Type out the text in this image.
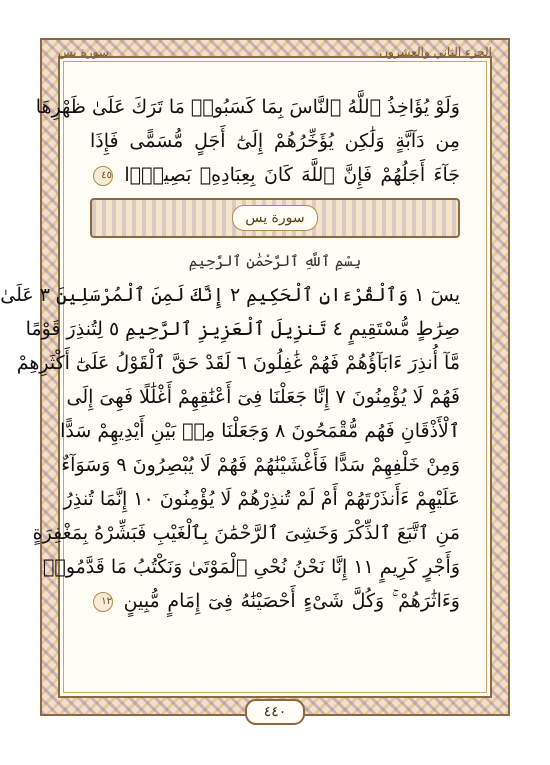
الجزء الثاني والعشرون
سورة يس
وَلَوْ يُؤَاخِذُ ٱللَّهُ ٱلنَّاسَ بِمَا كَسَبُوا۟ مَا تَرَكَ عَلَىٰ ظَهْرِهَا
مِن دَآبَّةٍ وَلَٰكِن يُؤَخِّرُهُمْ إِلَىٰٓ أَجَلٍ مُّسَمًّى فَإِذَا
جَآءَ أَجَلُهُمْ فَإِنَّ ٱللَّهَ كَانَ بِعِبَادِهِۦ بَصِيرًۢا ٤٥
سورة يس
بِسْمِ ٱللَّهِ ٱلرَّحْمَٰنِ ٱلرَّحِيمِ
يسٓ ١ وَٱلْقُرْءَانِ ٱلْحَكِيمِ ٢ إِنَّكَ لَمِنَ ٱلْمُرْسَلِينَ ٣ عَلَىٰ
صِرَٰطٍ مُّسْتَقِيمٍ ٤ تَنزِيلَ ٱلْعَزِيزِ ٱلرَّحِيمِ ٥ لِتُنذِرَ قَوْمًا
مَّآ أُنذِرَ ءَابَآؤُهُمْ فَهُمْ غَٰفِلُونَ ٦ لَقَدْ حَقَّ ٱلْقَوْلُ عَلَىٰٓ أَكْثَرِهِمْ
فَهُمْ لَا يُؤْمِنُونَ ٧ إِنَّا جَعَلْنَا فِىٓ أَعْنَٰقِهِمْ أَغْلَٰلًا فَهِىَ إِلَى
ٱلْأَذْقَانِ فَهُم مُّقْمَحُونَ ٨ وَجَعَلْنَا مِنۢ بَيْنِ أَيْدِيهِمْ سَدًّا
وَمِنْ خَلْفِهِمْ سَدًّا فَأَغْشَيْنَٰهُمْ فَهُمْ لَا يُبْصِرُونَ ٩ وَسَوَآءٌ
عَلَيْهِمْ ءَأَنذَرْتَهُمْ أَمْ لَمْ تُنذِرْهُمْ لَا يُؤْمِنُونَ ١٠ إِنَّمَا تُنذِرُ
مَنِ ٱتَّبَعَ ٱلذِّكْرَ وَخَشِىَ ٱلرَّحْمَٰنَ بِٱلْغَيْبِ فَبَشِّرْهُ بِمَغْفِرَةٍ
وَأَجْرٍ كَرِيمٍ ١١ إِنَّا نَحْنُ نُحْىِ ٱلْمَوْتَىٰ وَنَكْتُبُ مَا قَدَّمُوا۟
وَءَاثَٰرَهُمْ ۚ وَكُلَّ شَىْءٍ أَحْصَيْنَٰهُ فِىٓ إِمَامٍ مُّبِينٍ ١٢
٤٤٠
